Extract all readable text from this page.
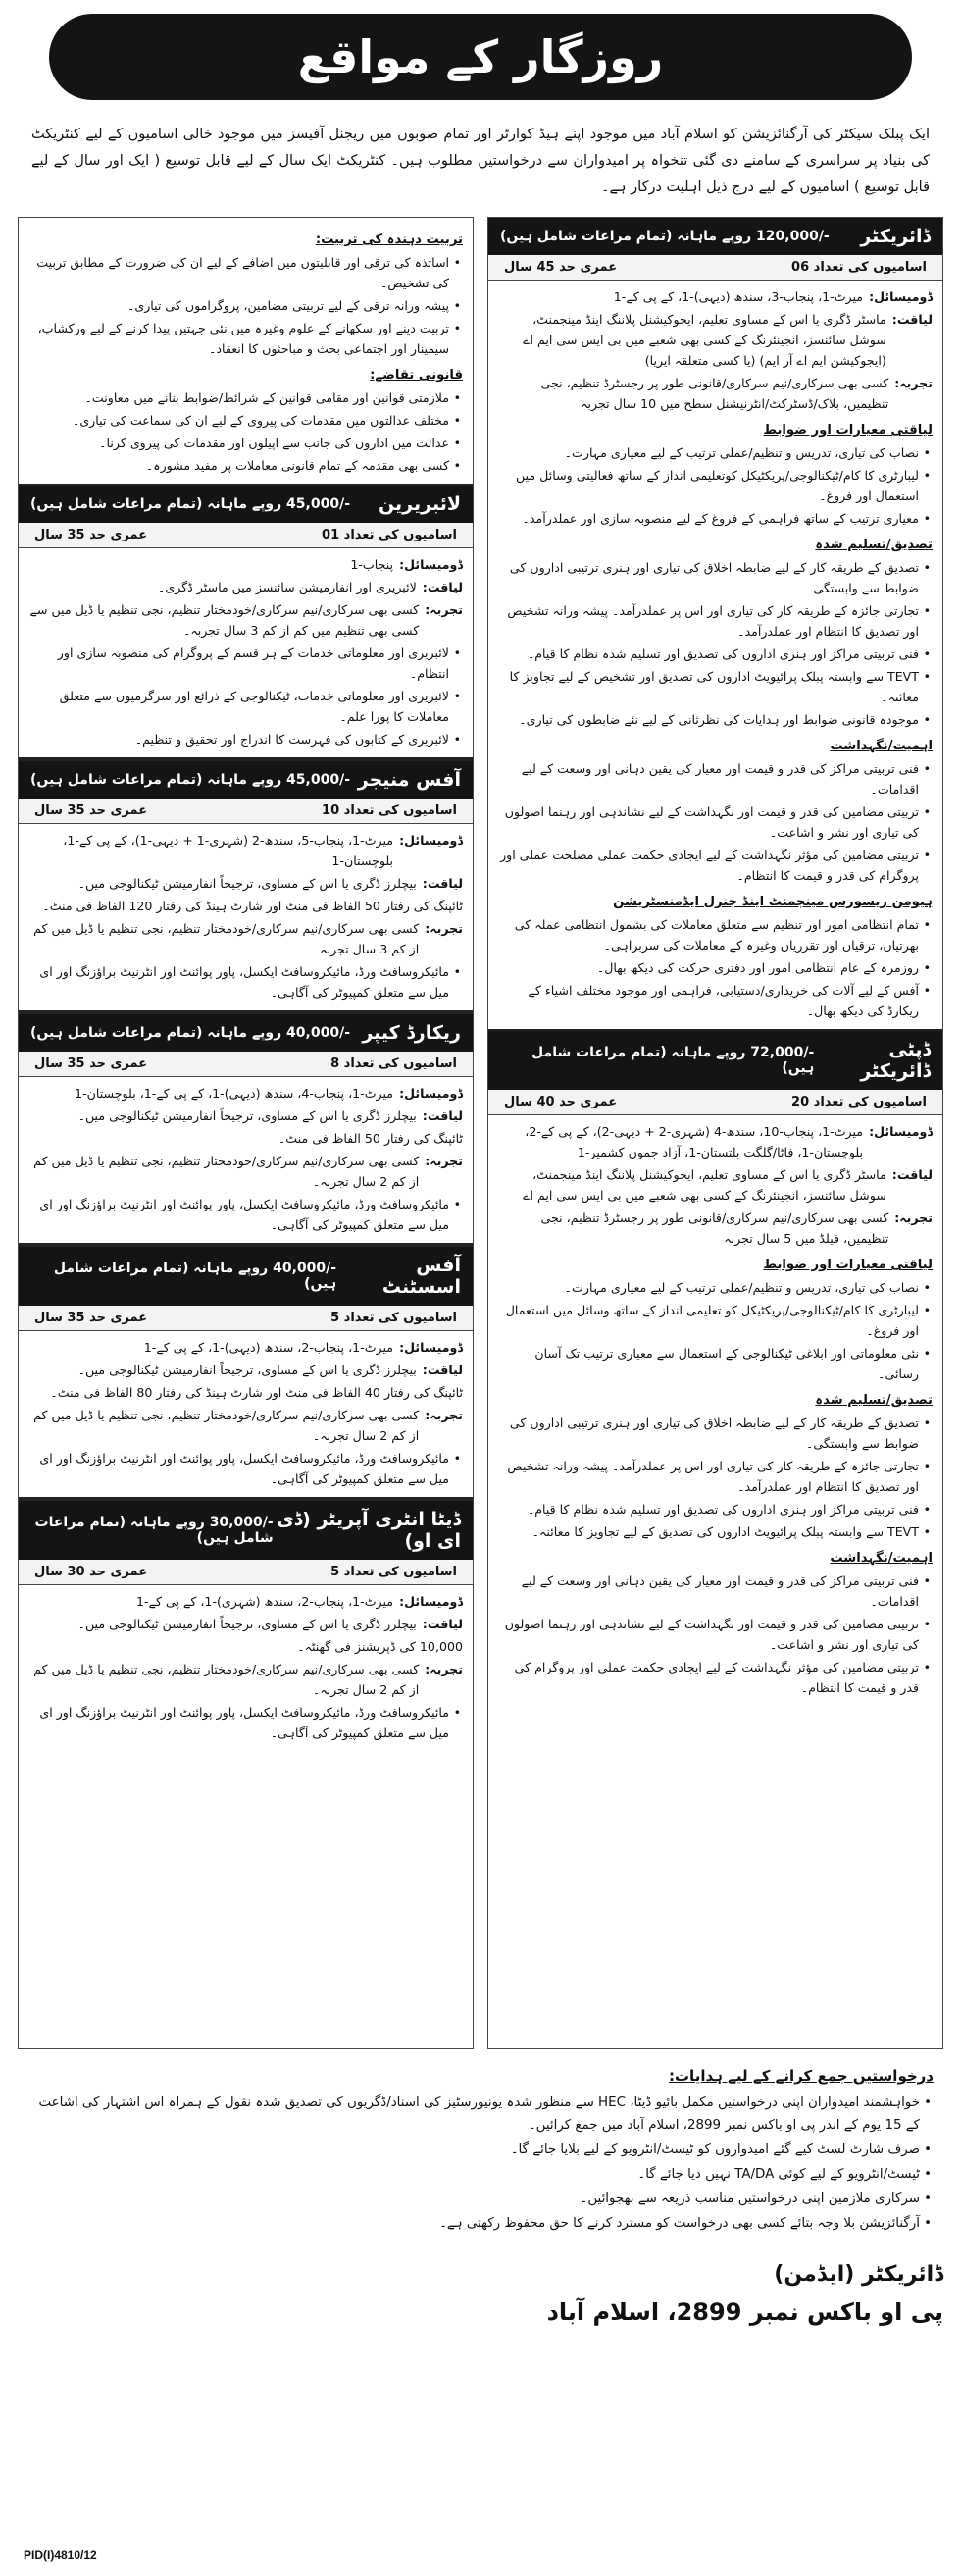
روزگار کے مواقع

ایک پبلک سیکٹر کی آرگنائزیشن کو اسلام آباد میں موجود اپنے ہیڈ کوارٹر اور تمام صوبوں میں ریجنل آفیسز میں موجود خالی اسامیوں کے لیے کنٹریکٹ کی بنیاد پر سراسری کے سامنے دی گئی تنخواہ پر امیدواران سے درخواستیں مطلوب ہیں۔ کنٹریکٹ ایک سال کے لیے قابل توسیع ( ایک اور سال کے لیے قابل توسیع ) اسامیوں کے لیے درج ذیل اہلیت درکار ہے۔

ڈائریکٹر
-/120,000 روپے ماہانہ (تمام مراعات شامل ہیں)
اسامیوں کی تعداد 06
عمری حد 45 سال
ڈومیسائل:
میرٹ-1، پنجاب-3، سندھ (دیہی)-1، کے پی کے-1
لیاقت:
ماسٹر ڈگری یا اس کے مساوی تعلیم، ایجوکیشنل پلاننگ اینڈ مینجمنٹ، سوشل سائنسز، انجینئرنگ کے کسی بھی شعبے میں بی ایس سی ایم اے (ایجوکیشن ایم اے آر ایم) (یا کسی متعلقہ ایریا)
تجربہ:
کسی بھی سرکاری/نیم سرکاری/قانونی طور پر رجسٹرڈ تنظیم، نجی تنظیمیں، بلاک/ڈسٹرکٹ/انٹرنیشنل سطح میں 10 سال تجربہ
لیاقتی معیارات اور ضوابط
• نصاب کی تیاری، تدریس و تنظیم/عملی ترتیب کے لیے معیاری مہارت۔
• لیبارٹری کا کام/ٹیکنالوجی/پریکٹیکل کوتعلیمی انداز کے ساتھ فعالیتی وسائل میں استعمال اور فروغ۔
• معیاری ترتیب کے ساتھ فراہمی کے فروغ کے لیے منصوبہ سازی اور عملدرآمد۔
تصدیق/تسلیم شدہ
• تصدیق کے طریقہ کار کے لیے ضابطہ اخلاق کی تیاری اور ہنری ترتیبی اداروں کی ضوابط سے وابستگی۔
• تجارتی جائزہ کے طریقہ کار کی تیاری اور اس پر عملدرآمد۔ پیشہ ورانہ تشخیص اور تصدیق کا انتظام اور عملدرآمد۔
• فنی تربیتی مراکز اور ہنری اداروں کی تصدیق اور تسلیم شدہ نظام کا قیام۔
• TEVT سے وابستہ پبلک پرائیویٹ اداروں کی تصدیق اور تشخیص کے لیے تجاویز کا معائنہ۔
• موجودہ قانونی ضوابط اور ہدایات کی نظرثانی کے لیے نئے ضابطوں کی تیاری۔
اہمیت/نگہداشت
• فنی تربیتی مراکز کی قدر و قیمت اور معیار کی یقین دہانی اور وسعت کے لیے اقدامات۔
• تربیتی مضامین کی قدر و قیمت اور نگہداشت کے لیے نشاندہی اور رہنما اصولوں کی تیاری اور نشر و اشاعت۔
• تربیتی مضامین کی مؤثر نگہداشت کے لیے ایجادی حکمت عملی مصلحت عملی اور پروگرام کی قدر و قیمت کا انتظام۔
ہیومن ریسورس مینجمنٹ اینڈ جنرل ایڈمنسٹریشن
• تمام انتظامی امور اور تنظیم سے متعلق معاملات کی بشمول انتظامی عملہ کی بھرتیاں، ترقیاں اور تقرریاں وغیرہ کے معاملات کی سربراہی۔
• روزمرہ کے عام انتظامی امور اور دفتری حرکت کی دیکھ بھال۔
• آفس کے لیے آلات کی خریداری/دستیابی، فراہمی اور موجود مختلف اشیاء کے ریکارڈ کی دیکھ بھال۔
ڈپٹی ڈائریکٹر
-/72,000 روپے ماہانہ (تمام مراعات شامل ہیں)
اسامیوں کی تعداد 20
عمری حد 40 سال
ڈومیسائل:
میرٹ-1، پنجاب-10، سندھ-4 (شہری-2 + دیہی-2)، کے پی کے-2، بلوچستان-1، فاٹا/گلگت بلتستان-1، آزاد جموں کشمیر-1
لیاقت:
ماسٹر ڈگری یا اس کے مساوی تعلیم، ایجوکیشنل پلاننگ اینڈ مینجمنٹ، سوشل سائنسز، انجینئرنگ کے کسی بھی شعبے میں بی ایس سی ایم اے
تجربہ:
کسی بھی سرکاری/نیم سرکاری/قانونی طور پر رجسٹرڈ تنظیم، نجی تنظیمیں، فیلڈ میں 5 سال تجربہ
لیاقتی معیارات اور ضوابط
• نصاب کی تیاری، تدریس و تنظیم/عملی ترتیب کے لیے معیاری مہارت۔
• لیبارٹری کا کام/ٹیکنالوجی/پریکٹیکل کو تعلیمی انداز کے ساتھ وسائل میں استعمال اور فروغ۔
• نئی معلوماتی اور ابلاغی ٹیکنالوجی کے استعمال سے معیاری ترتیب تک آسان رسائی۔
تصدیق/تسلیم شدہ
• تصدیق کے طریقہ کار کے لیے ضابطہ اخلاق کی تیاری اور ہنری ترتیبی اداروں کی ضوابط سے وابستگی۔
• تجارتی جائزہ کے طریقہ کار کی تیاری اور اس پر عملدرآمد۔ پیشہ ورانہ تشخیص اور تصدیق کا انتظام اور عملدرآمد۔
• فنی تربیتی مراکز اور ہنری اداروں کی تصدیق اور تسلیم شدہ نظام کا قیام۔
• TEVT سے وابستہ پبلک پرائیویٹ اداروں کی تصدیق کے لیے تجاویز کا معائنہ۔
اہمیت/نگہداشت
• فنی تربیتی مراکز کی قدر و قیمت اور معیار کی یقین دہانی اور وسعت کے لیے اقدامات۔
• تربیتی مضامین کی قدر و قیمت اور نگہداشت کے لیے نشاندہی اور رہنما اصولوں کی تیاری اور نشر و اشاعت۔
• تربیتی مضامین کی مؤثر نگہداشت کے لیے ایجادی حکمت عملی اور پروگرام کی قدر و قیمت کا انتظام۔
تربیت دہندہ کی تربیت:
• اساتذہ کی ترقی اور قابلیتوں میں اضافے کے لیے ان کی ضرورت کے مطابق تربیت کی تشخیص۔
• پیشہ ورانہ ترقی کے لیے تربیتی مضامین، پروگراموں کی تیاری۔
• تربیت دینے اور سکھانے کے علوم وغیرہ میں نئی جہتیں پیدا کرنے کے لیے ورکشاپ، سیمینار اور اجتماعی بحث و مباحثوں کا انعقاد۔
قانونی تقاضے:
• ملازمتی قوانین اور مقامی قوانین کے شرائط/ضوابط بنانے میں معاونت۔
• مختلف عدالتوں میں مقدمات کی پیروی کے لیے ان کی سماعت کی تیاری۔
• عدالت میں اداروں کی جانب سے اپیلوں اور مقدمات کی پیروی کرنا۔
• کسی بھی مقدمہ کے تمام قانونی معاملات پر مفید مشورہ۔
لائبریرین
-/45,000 روپے ماہانہ (تمام مراعات شامل ہیں)
اسامیوں کی تعداد 01
عمری حد 35 سال
ڈومیسائل:
پنجاب-1
لیاقت:
لائبریری اور انفارمیشن سائنسز میں ماسٹر ڈگری۔
تجربہ:
کسی بھی سرکاری/نیم سرکاری/خودمختار تنظیم، نجی تنظیم یا ڈیل میں سے کسی بھی تنظیم میں کم از کم 3 سال تجربہ۔
• لائبریری اور معلوماتی خدمات کے ہر قسم کے پروگرام کی منصوبہ سازی اور انتظام۔
• لائبریری اور معلوماتی خدمات، ٹیکنالوجی کے ذرائع اور سرگرمیوں سے متعلق معاملات کا پورا علم۔
• لائبریری کے کتابوں کی فہرست کا اندراج اور تحقیق و تنظیم۔
آفس منیجر
-/45,000 روپے ماہانہ (تمام مراعات شامل ہیں)
اسامیوں کی تعداد 10
عمری حد 35 سال
ڈومیسائل:
میرٹ-1، پنجاب-5، سندھ-2 (شہری-1 + دیہی-1)، کے پی کے-1، بلوچستان-1
لیاقت:
بیچلرز ڈگری یا اس کے مساوی، ترجیحاً انفارمیشن ٹیکنالوجی میں۔
ٹائپنگ کی رفتار 50 الفاظ فی منٹ اور شارٹ ہینڈ کی رفتار 120 الفاظ فی منٹ۔
تجربہ:
کسی بھی سرکاری/نیم سرکاری/خودمختار تنظیم، نجی تنظیم یا ڈیل میں کم از کم 3 سال تجربہ۔
• مائیکروسافٹ ورڈ، مائیکروسافٹ ایکسل، پاور پوائنٹ اور انٹرنیٹ براؤزنگ اور ای میل سے متعلق کمپیوٹر کی آگاہی۔
ریکارڈ کیپر
-/40,000 روپے ماہانہ (تمام مراعات شامل ہیں)
اسامیوں کی تعداد 8
عمری حد 35 سال
ڈومیسائل:
میرٹ-1، پنجاب-4، سندھ (دیہی)-1، کے پی کے-1، بلوچستان-1
لیاقت:
بیچلرز ڈگری یا اس کے مساوی، ترجیحاً انفارمیشن ٹیکنالوجی میں۔
ٹائپنگ کی رفتار 50 الفاظ فی منٹ۔
تجربہ:
کسی بھی سرکاری/نیم سرکاری/خودمختار تنظیم، نجی تنظیم یا ڈیل میں کم از کم 2 سال تجربہ۔
• مائیکروسافٹ ورڈ، مائیکروسافٹ ایکسل، پاور پوائنٹ اور انٹرنیٹ براؤزنگ اور ای میل سے متعلق کمپیوٹر کی آگاہی۔
آفس اسسٹنٹ
-/40,000 روپے ماہانہ (تمام مراعات شامل ہیں)
اسامیوں کی تعداد 5
عمری حد 35 سال
ڈومیسائل:
میرٹ-1، پنجاب-2، سندھ (دیہی)-1، کے پی کے-1
لیاقت:
بیچلرز ڈگری یا اس کے مساوی، ترجیحاً انفارمیشن ٹیکنالوجی میں۔
ٹائپنگ کی رفتار 40 الفاظ فی منٹ اور شارٹ ہینڈ کی رفتار 80 الفاظ فی منٹ۔
تجربہ:
کسی بھی سرکاری/نیم سرکاری/خودمختار تنظیم، نجی تنظیم یا ڈیل میں کم از کم 2 سال تجربہ۔
• مائیکروسافٹ ورڈ، مائیکروسافٹ ایکسل، پاور پوائنٹ اور انٹرنیٹ براؤزنگ اور ای میل سے متعلق کمپیوٹر کی آگاہی۔
ڈیٹا انٹری آپریٹر (ڈی ای او)
-/30,000 روپے ماہانہ (تمام مراعات شامل ہیں)
اسامیوں کی تعداد 5
عمری حد 30 سال
ڈومیسائل:
میرٹ-1، پنجاب-2، سندھ (شہری)-1، کے پی کے-1
لیاقت:
بیچلرز ڈگری یا اس کے مساوی، ترجیحاً انفارمیشن ٹیکنالوجی میں۔
10,000 کی ڈپریشنز فی گھنٹہ۔
تجربہ:
کسی بھی سرکاری/نیم سرکاری/خودمختار تنظیم، نجی تنظیم یا ڈیل میں کم از کم 2 سال تجربہ۔
• مائیکروسافٹ ورڈ، مائیکروسافٹ ایکسل، پاور پوائنٹ اور انٹرنیٹ براؤزنگ اور ای میل سے متعلق کمپیوٹر کی آگاہی۔
درخواستیں جمع کرانے کے لیے ہدایات:
• خواہشمند امیدواران اپنی درخواستیں مکمل بائیو ڈیٹا، HEC سے منظور شدہ یونیورسٹیز کی اسناد/ڈگریوں کی تصدیق شدہ نقول کے ہمراہ اس اشتہار کی اشاعت کے 15 یوم کے اندر پی او باکس نمبر 2899، اسلام آباد میں جمع کرائیں۔
• صرف شارٹ لسٹ کیے گئے امیدواروں کو ٹیسٹ/انٹرویو کے لیے بلایا جائے گا۔
• ٹیسٹ/انٹرویو کے لیے کوئی TA/DA نہیں دیا جائے گا۔
• سرکاری ملازمین اپنی درخواستیں مناسب ذریعہ سے بھجوائیں۔
• آرگنائزیشن بلا وجہ بتائے کسی بھی درخواست کو مسترد کرنے کا حق محفوظ رکھتی ہے۔
ڈائریکٹر (ایڈمن)
پی او باکس نمبر 2899، اسلام آباد
PID(I)4810/12
